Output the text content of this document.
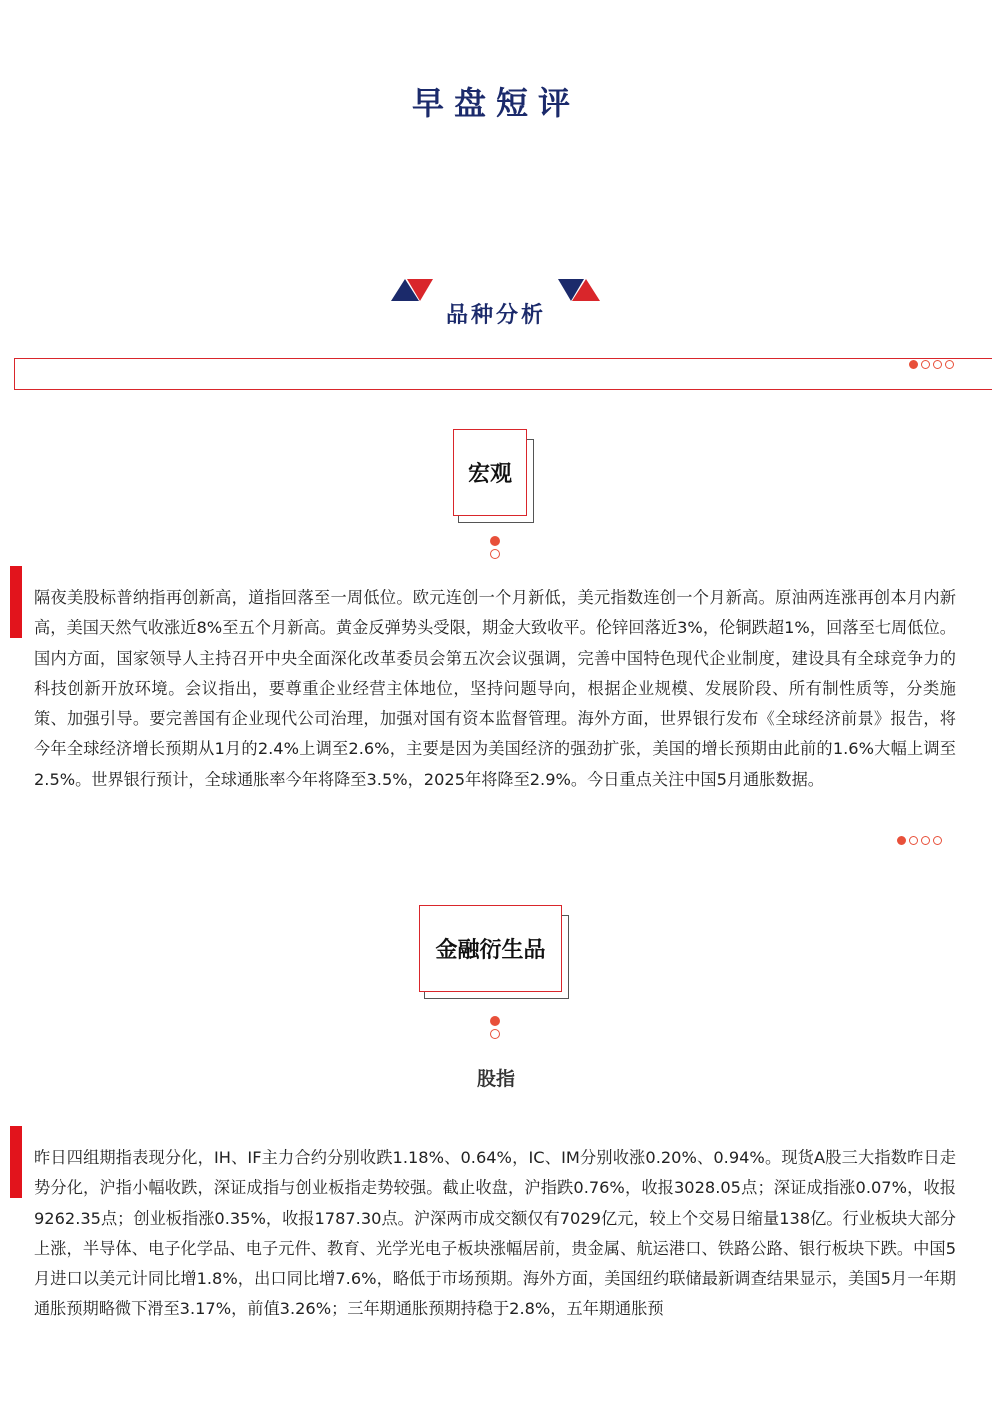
早盘短评
品种分析
宏观
隔夜美股标普纳指再创新高，道指回落至一周低位。欧元连创一个月新低，美元指数连创一个月新高。原油两连涨再创本月内新高，美国天然气收涨近8%至五个月新高。黄金反弹势头受限，期金大致收平。伦锌回落近3%，伦铜跌超1%，回落至七周低位。国内方面，国家领导人主持召开中央全面深化改革委员会第五次会议强调，完善中国特色现代企业制度，建设具有全球竞争力的科技创新开放环境。会议指出，要尊重企业经营主体地位，坚持问题导向，根据企业规模、发展阶段、所有制性质等，分类施策、加强引导。要完善国有企业现代公司治理，加强对国有资本监督管理。海外方面，世界银行发布《全球经济前景》报告，将今年全球经济增长预期从1月的2.4%上调至2.6%，主要是因为美国经济的强劲扩张，美国的增长预期由此前的1.6%大幅上调至2.5%。世界银行预计，全球通胀率今年将降至3.5%，2025年将降至2.9%。今日重点关注中国5月通胀数据。
金融衍生品
股指
昨日四组期指表现分化，IH、IF主力合约分别收跌1.18%、0.64%，IC、IM分别收涨0.20%、0.94%。现货A股三大指数昨日走势分化，沪指小幅收跌，深证成指与创业板指走势较强。截止收盘，沪指跌0.76%，收报3028.05点；深证成指涨0.07%，收报9262.35点；创业板指涨0.35%，收报1787.30点。沪深两市成交额仅有7029亿元，较上个交易日缩量138亿。行业板块大部分上涨，半导体、电子化学品、电子元件、教育、光学光电子板块涨幅居前，贵金属、航运港口、铁路公路、银行板块下跌。中国5月进口以美元计同比增1.8%，出口同比增7.6%，略低于市场预期。海外方面，美国纽约联储最新调查结果显示，美国5月一年期通胀预期略微下滑至3.17%，前值3.26%；三年期通胀预期持稳于2.8%，五年期通胀预
